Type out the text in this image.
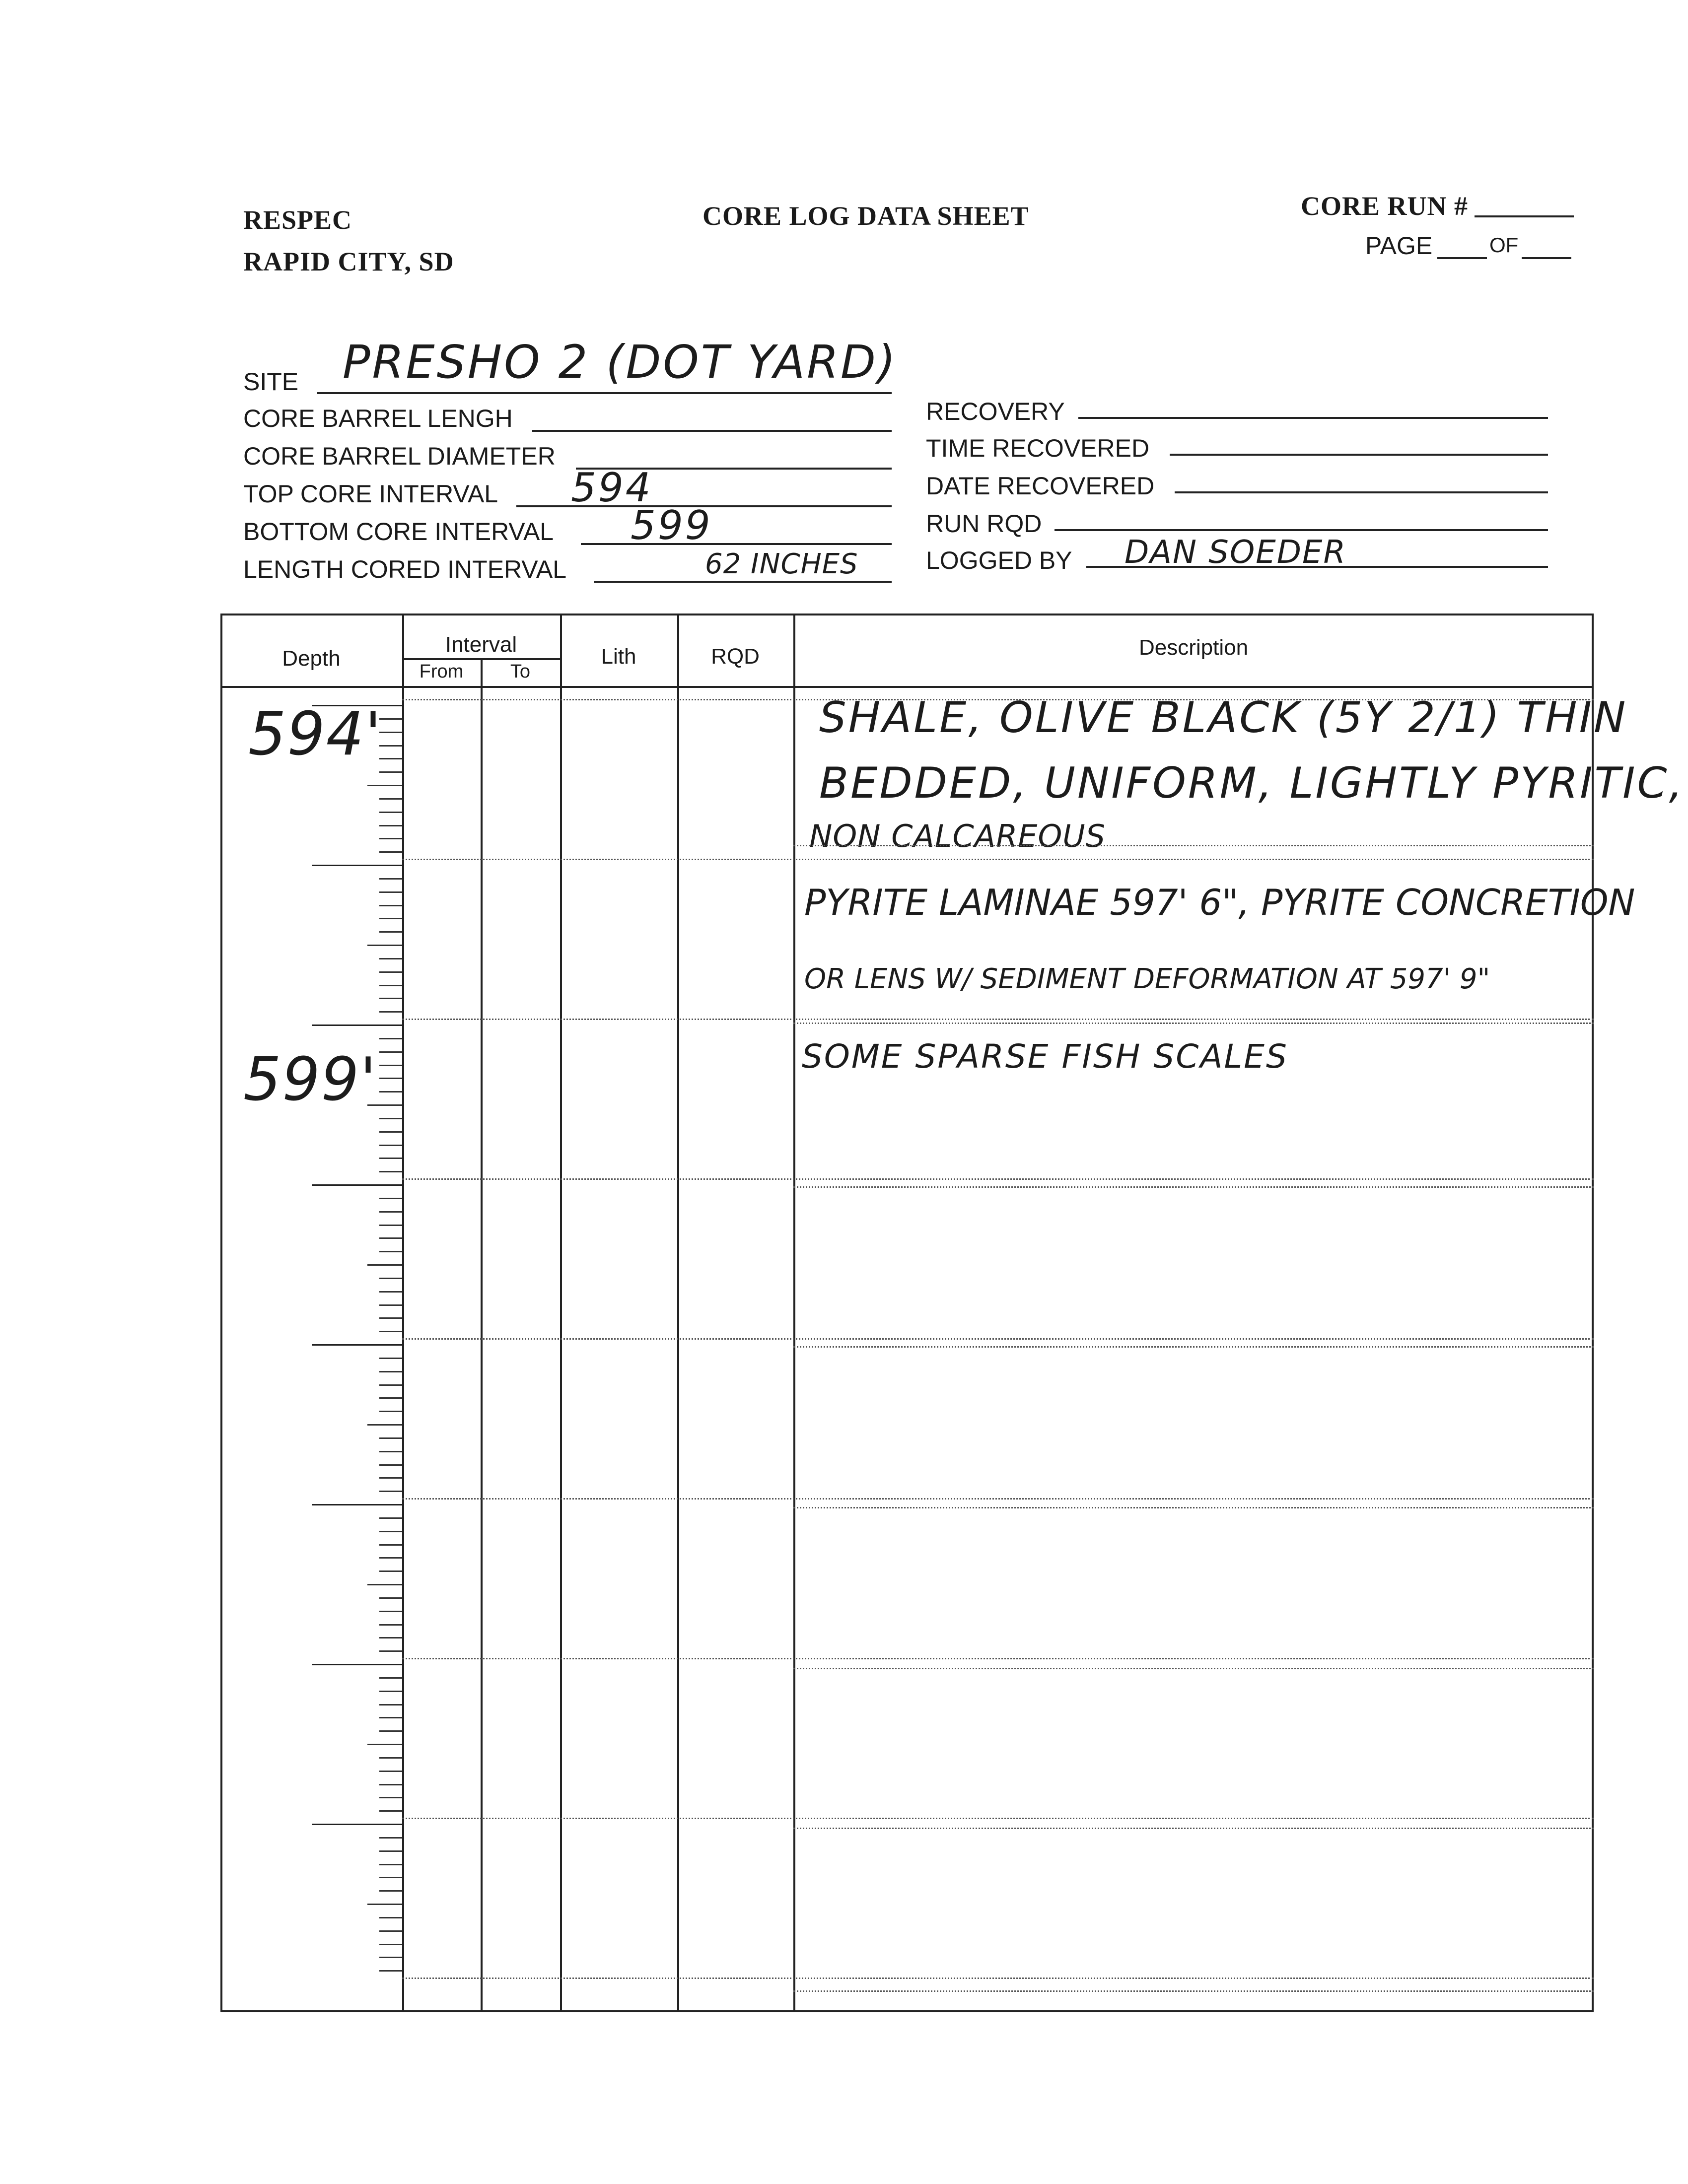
RESPEC
RAPID CITY, SD
CORE LOG DATA SHEET	CORE RUN #
PAGE	OF
SITE PRESHO 2 (DOT YARD)
CORE BARREL LENGH
CORE BARREL DIAMETER
TOP CORE INTERVAL 594
BOTTOM CORE INTERVAL 599
LENGTH CORED INTERVAL	62 INCHES
RECOVERY
TIME RECOVERED
DATE RECOVERED
RUN RQD
LOGGED BY DAN SOEDER
Depth
Interval
From	To
Lith	RQD	Description
594'
599'
SHALE, OLIVE BLACK (5Y 2/1) THIN
BEDDED, UNIFORM, LIGHTLY PYRITIC,
NON CALCAREOUS
PYRITE LAMINAE 597' 6", PYRITE CONCRETION
OR LENS W/ SEDIMENT DEFORMATION AT 597' 9"
SOME SPARSE FISH SCALES
